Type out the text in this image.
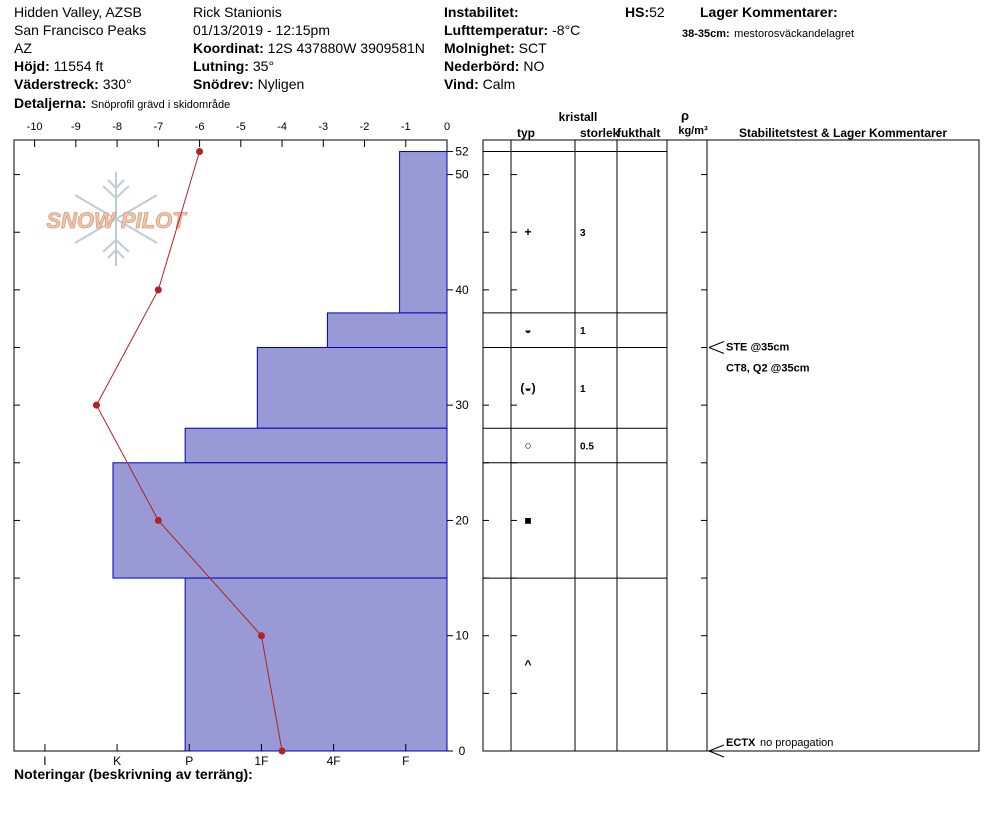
Hidden Valley, AZSB
San Francisco Peaks
AZ
Höjd: 11554 ft
Väderstreck: 330°
Detaljerna: Snöprofil grävd i skidområde
Rick Stanionis
01/13/2019 - 12:15pm
Koordinat: 12S 437880W 3909581N
Lutning: 35°
Snödrev: Nyligen
Instabilitet:
Lufttemperatur: -8°C
Molnighet: SCT
Nederbörd: NO
Vind: Calm
HS:52	Lager Kommentarer:
38-35cm: mestorosväckandelagret
Noteringar (beskrivning av terräng):
SNOW PILOT
-10	-9	-8	-7	-6	-5	-4	-3	-2	-1	0
I	K	P	1F	4F	F
0
10
20
30
40
50
52
kristall
typ	storlek
fukthalt
ρ
kg/m³	Stabilitetstest & Lager Kommentarer
+	3
◒	1
(◒)	1
○	0.5
■
^
STE @35cm
CT8, Q2 @35cm
ECTX no propagation
